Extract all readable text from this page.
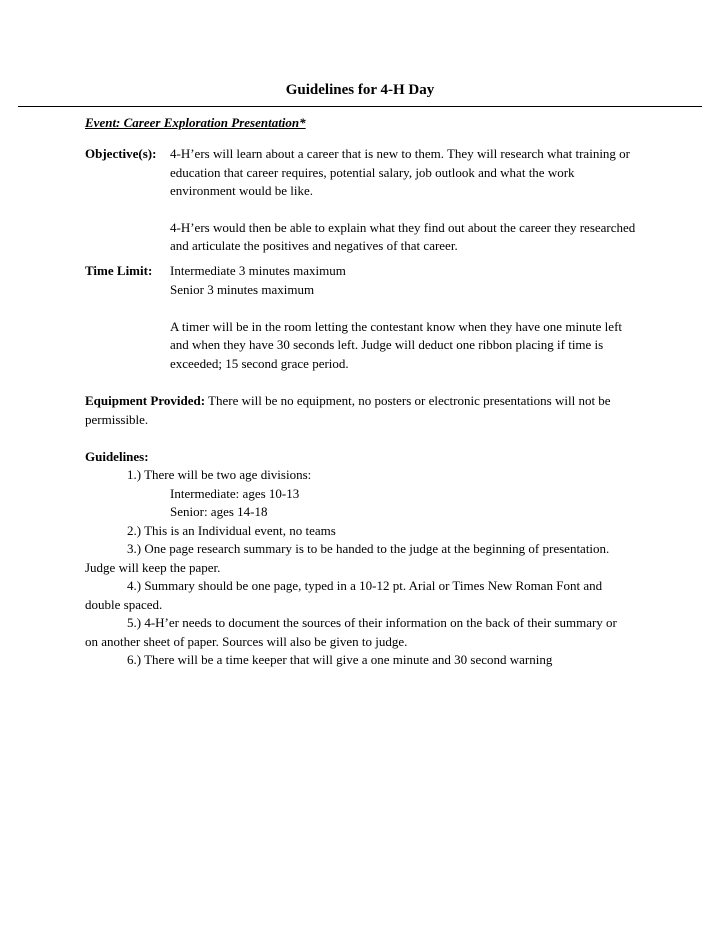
Guidelines for 4-H Day
Event: Career Exploration Presentation*
Objective(s): 4-H’ers will learn about a career that is new to them. They will research what training or education that career requires, potential salary, job outlook and what the work environment would be like.

4-H’ers would then be able to explain what they find out about the career they researched and articulate the positives and negatives of that career.

Time Limit: Intermediate 3 minutes maximum

Senior 3 minutes maximum

A timer will be in the room letting the contestant know when they have one minute left and when they have 30 seconds left. Judge will deduct one ribbon placing if time is exceeded; 15 second grace period.

Equipment Provided: There will be no equipment, no posters or electronic presentations will not be permissible.

Guidelines:

1.) There will be two age divisions:

Intermediate: ages 10-13

Senior: ages 14-18

2.) This is an Individual event, no teams

3.) One page research summary is to be handed to the judge at the beginning of presentation. Judge will keep the paper.

4.) Summary should be one page, typed in a 10-12 pt. Arial or Times New Roman Font and double spaced.

5.) 4-H’er needs to document the sources of their information on the back of their summary or on another sheet of paper. Sources will also be given to judge.

6.) There will be a time keeper that will give a one minute and 30 second warning
